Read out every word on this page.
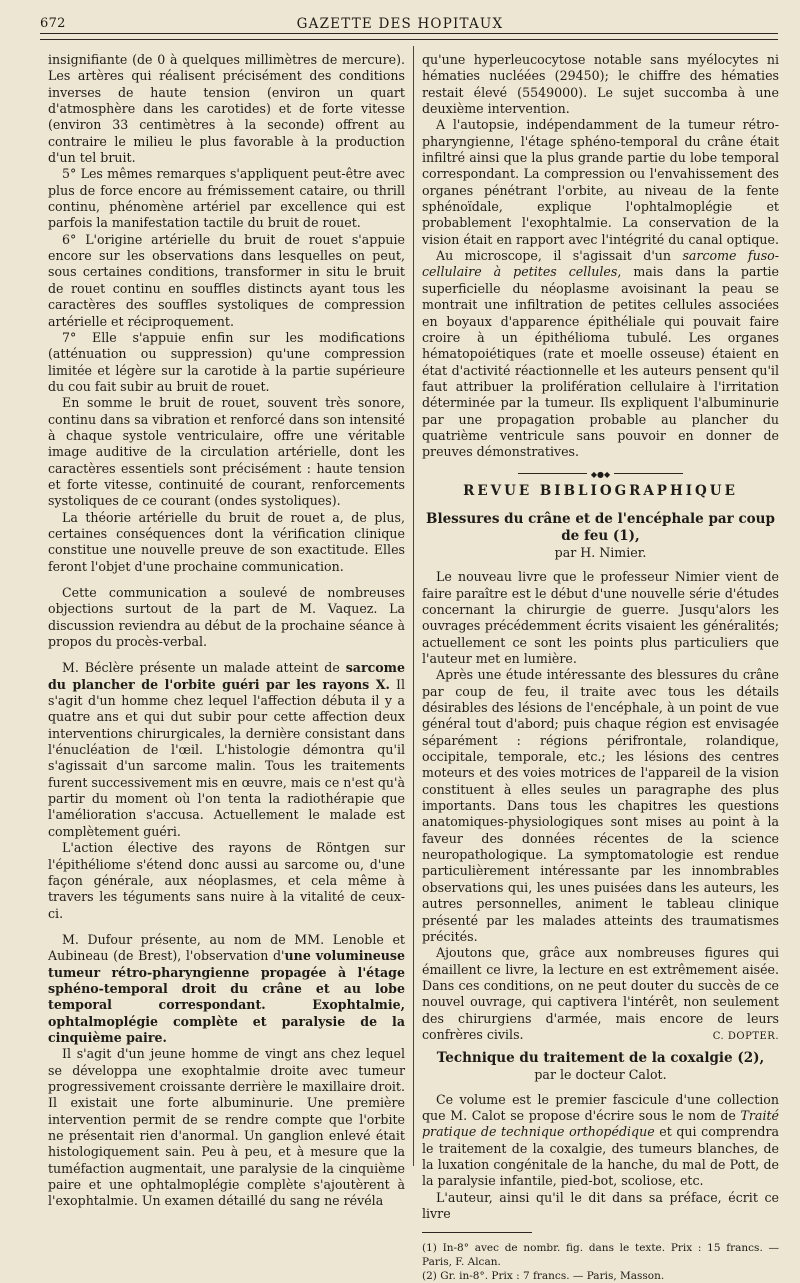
672	GAZETTE DES HOPITAUX

insignifiante (de 0 à quelques millimètres de mercure). Les artères qui réalisent précisément des conditions inverses de haute tension (environ un quart d'atmosphère dans les carotides) et de forte vitesse (environ 33 centimètres à la seconde) offrent au contraire le milieu le plus favorable à la production d'un tel bruit.

5° Les mêmes remarques s'appliquent peut-être avec plus de force encore au frémissement cataire, ou thrill continu, phénomène artériel par excellence qui est parfois la manifestation tactile du bruit de rouet.

6° L'origine artérielle du bruit de rouet s'appuie encore sur les observations dans lesquelles on peut, sous certaines conditions, transformer in situ le bruit de rouet continu en souffles distincts ayant tous les caractères des souffles systoliques de compression artérielle et réciproquement.

7° Elle s'appuie enfin sur les modifications (atténuation ou suppression) qu'une compression limitée et légère sur la carotide à la partie supérieure du cou fait subir au bruit de rouet.

En somme le bruit de rouet, souvent très sonore, continu dans sa vibration et renforcé dans son intensité à chaque systole ventriculaire, offre une véritable image auditive de la circulation artérielle, dont les caractères essentiels sont précisément : haute tension et forte vitesse, continuité de courant, renforcements systoliques de ce courant (ondes systoliques).

La théorie artérielle du bruit de rouet a, de plus, certaines conséquences dont la vérification clinique constitue une nouvelle preuve de son exactitude. Elles feront l'objet d'une prochaine communication.

Cette communication a soulevé de nombreuses objections surtout de la part de M. Vaquez. La discussion reviendra au début de la prochaine séance à propos du procès-verbal.

M. Béclère présente un malade atteint de sarcome du plancher de l'orbite guéri par les rayons X. Il s'agit d'un homme chez lequel l'affection débuta il y a quatre ans et qui dut subir pour cette affection deux interventions chirurgicales, la dernière consistant dans l'énucléation de l'œil. L'histologie démontra qu'il s'agissait d'un sarcome malin. Tous les traitements furent successivement mis en œuvre, mais ce n'est qu'à partir du moment où l'on tenta la radiothérapie que l'amélioration s'accusa. Actuellement le malade est complètement guéri.

L'action élective des rayons de Röntgen sur l'épithéliome s'étend donc aussi au sarcome ou, d'une façon générale, aux néoplasmes, et cela même à travers les téguments sans nuire à la vitalité de ceux-ci.

M. Dufour présente, au nom de MM. Lenoble et Aubineau (de Brest), l'observation d'une volumineuse tumeur rétro-pharyngienne propagée à l'étage sphéno-temporal droit du crâne et au lobe temporal correspondant. Exophtalmie, ophtalmoplégie complète et paralysie de la cinquième paire.

Il s'agit d'un jeune homme de vingt ans chez lequel se développa une exophtalmie droite avec tumeur progressivement croissante derrière le maxillaire droit. Il existait une forte albuminurie. Une première intervention permit de se rendre compte que l'orbite ne présentait rien d'anormal. Un ganglion enlevé était histologiquement sain. Peu à peu, et à mesure que la tuméfaction augmentait, une paralysie de la cinquième paire et une ophtalmoplégie complète s'ajoutèrent à l'exophtalmie. Un examen détaillé du sang ne révéla

qu'une hyperleucocytose notable sans myélocytes ni hématies nucléées (29450); le chiffre des hématies restait élevé (5549000). Le sujet succomba à une deuxième intervention.

A l'autopsie, indépendamment de la tumeur rétro-pharyngienne, l'étage sphéno-temporal du crâne était infiltré ainsi que la plus grande partie du lobe temporal correspondant. La compression ou l'envahissement des organes pénétrant l'orbite, au niveau de la fente sphénoïdale, explique l'ophtalmoplégie et probablement l'exophtalmie. La conservation de la vision était en rapport avec l'intégrité du canal optique.

Au microscope, il s'agissait d'un sarcome fuso-cellulaire à petites cellules, mais dans la partie superficielle du néoplasme avoisinant la peau se montrait une infiltration de petites cellules associées en boyaux d'apparence épithéliale qui pouvait faire croire à un épithélioma tubulé. Les organes hématopoiétiques (rate et moelle osseuse) étaient en état d'activité réactionnelle et les auteurs pensent qu'il faut attribuer la prolifération cellulaire à l'irritation déterminée par la tumeur. Ils expliquent l'albuminurie par une propagation probable au plancher du quatrième ventricule sans pouvoir en donner de preuves démonstratives.

◆●◆
REVUE BIBLIOGRAPHIQUE
Blessures du crâne et de l'encéphale par coup de feu (1),
par H. Nimier.

Le nouveau livre que le professeur Nimier vient de faire paraître est le début d'une nouvelle série d'études concernant la chirurgie de guerre. Jusqu'alors les ouvrages précédemment écrits visaient les généralités; actuellement ce sont les points plus particuliers que l'auteur met en lumière.

Après une étude intéressante des blessures du crâne par coup de feu, il traite avec tous les détails désirables des lésions de l'encéphale, à un point de vue général tout d'abord; puis chaque région est envisagée séparément : régions périfrontale, rolandique, occipitale, temporale, etc.; les lésions des centres moteurs et des voies motrices de l'appareil de la vision constituent à elles seules un paragraphe des plus importants. Dans tous les chapitres les questions anatomiques-physiologiques sont mises au point à la faveur des données récentes de la science neuropathologique. La symptomatologie est rendue particulièrement intéressante par les innombrables observations qui, les unes puisées dans les auteurs, les autres personnelles, animent le tableau clinique présenté par les malades atteints des traumatismes précités.

Ajoutons que, grâce aux nombreuses figures qui émaillent ce livre, la lecture en est extrêmement aisée. Dans ces conditions, on ne peut douter du succès de ce nouvel ouvrage, qui captivera l'intérêt, non seulement des chirurgiens d'armée, mais encore de leurs confrères civils.	C. DOPTER.

Technique du traitement de la coxalgie (2),
par le docteur Calot.

Ce volume est le premier fascicule d'une collection que M. Calot se propose d'écrire sous le nom de Traité pratique de technique orthopédique et qui comprendra le traitement de la coxalgie, des tumeurs blanches, de la luxation congénitale de la hanche, du mal de Pott, de la paralysie infantile, pied-bot, scoliose, etc.

L'auteur, ainsi qu'il le dit dans sa préface, écrit ce livre

(1) In-8° avec de nombr. fig. dans le texte. Prix : 15 francs. — Paris, F. Alcan.

(2) Gr. in-8°. Prix : 7 francs. — Paris, Masson.
